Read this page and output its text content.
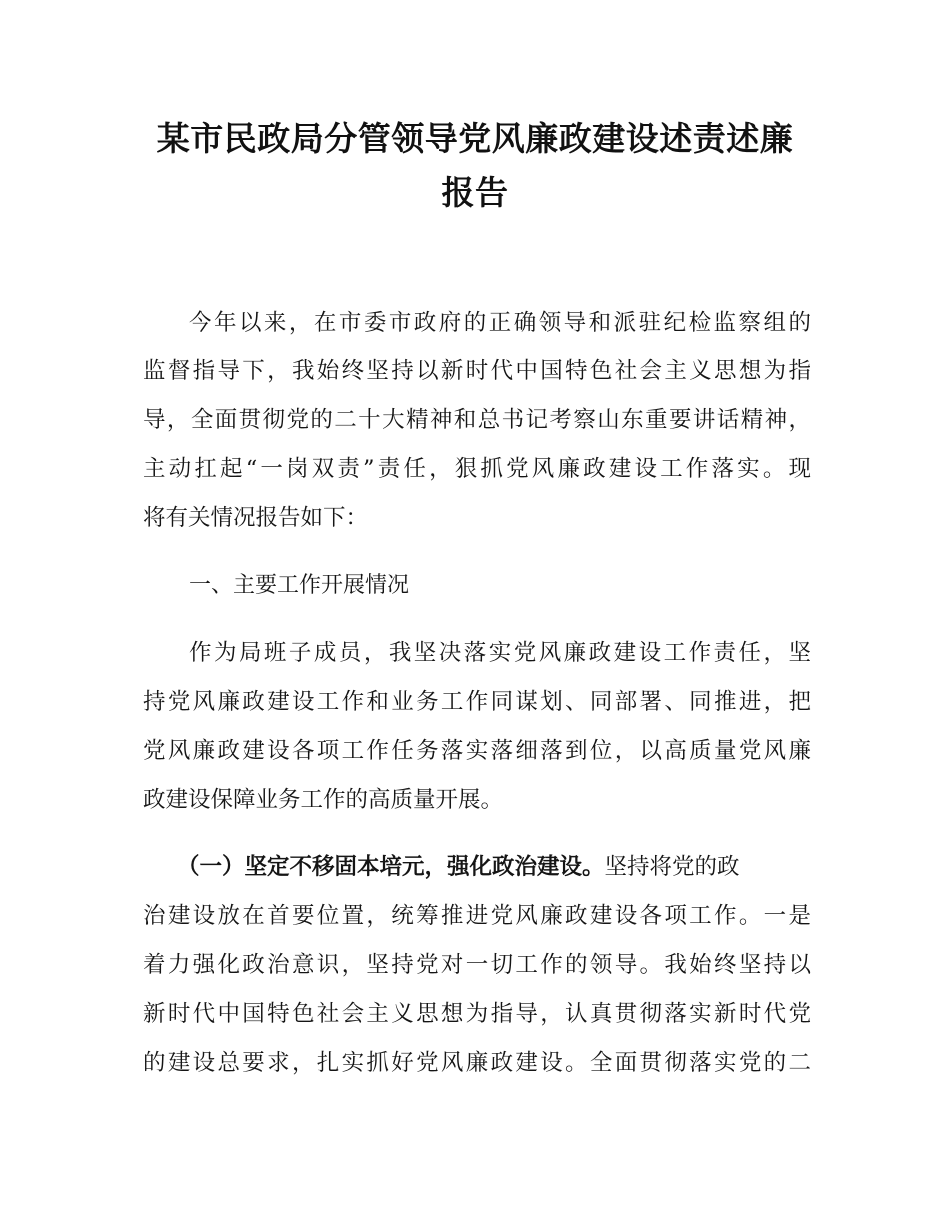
某市民政局分管领导党风廉政建设述责述廉
报告
今年以来，在市委市政府的正确领导和派驻纪检监察组的
监督指导下，我始终坚持以新时代中国特色社会主义思想为指
导，全面贯彻党的二十大精神和总书记考察山东重要讲话精神，
主动扛起“一岗双责”责任，狠抓党风廉政建设工作落实。现
将有关情况报告如下：
一、主要工作开展情况
作为局班子成员，我坚决落实党风廉政建设工作责任，坚
持党风廉政建设工作和业务工作同谋划、同部署、同推进，把
党风廉政建设各项工作任务落实落细落到位，以高质量党风廉
政建设保障业务工作的高质量开展。
（一）坚定不移固本培元，强化政治建设。坚持将党的政
治建设放在首要位置，统筹推进党风廉政建设各项工作。一是
着力强化政治意识，坚持党对一切工作的领导。我始终坚持以
新时代中国特色社会主义思想为指导，认真贯彻落实新时代党
的建设总要求，扎实抓好党风廉政建设。全面贯彻落实党的二
